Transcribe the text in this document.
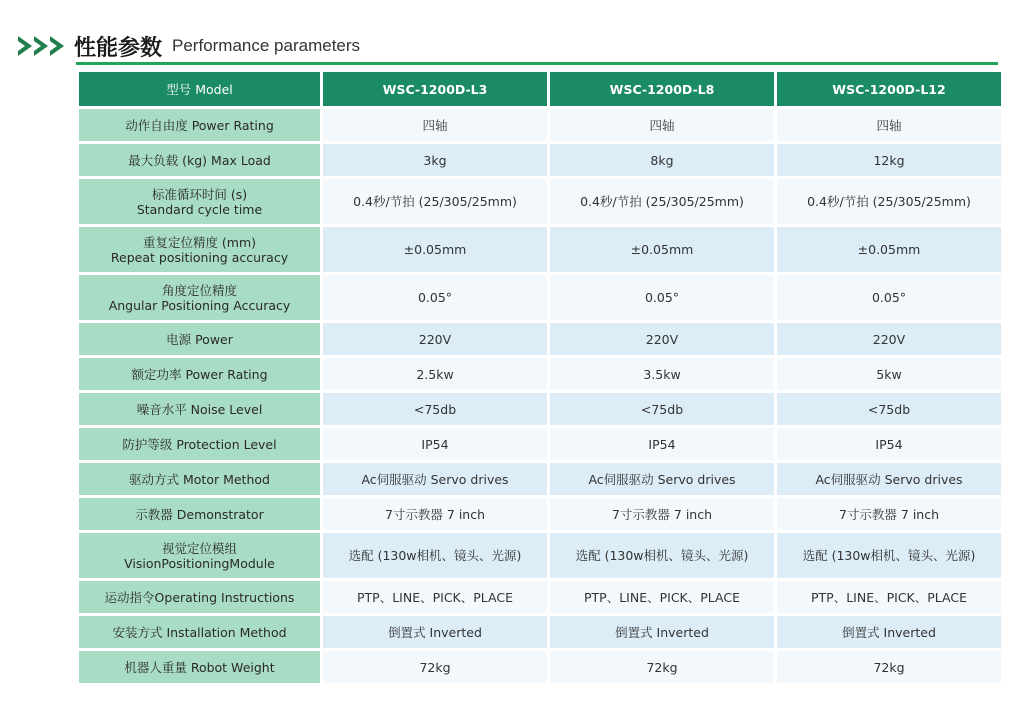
性能参数 Performance parameters
型号 Model	WSC-1200D-L3	WSC-1200D-L8	WSC-1200D-L12

动作自由度 Power Rating	四轴	四轴	四轴

最大负载 (kg) Max Load	3kg	8kg	12kg

标准循环时间 (s)
Standard cycle time	0.4秒/节拍 (25/305/25mm)	0.4秒/节拍 (25/305/25mm)	0.4秒/节拍 (25/305/25mm)

重复定位精度 (mm)
Repeat positioning accuracy	±0.05mm	±0.05mm	±0.05mm

角度定位精度
Angular Positioning Accuracy	0.05°	0.05°	0.05°

电源 Power	220V	220V	220V

额定功率 Power Rating	2.5kw	3.5kw	5kw

噪音水平 Noise Level	<75db	<75db	<75db

防护等级 Protection Level	IP54	IP54	IP54

驱动方式 Motor Method	Ac伺服驱动 Servo drives	Ac伺服驱动 Servo drives	Ac伺服驱动 Servo drives

示教器 Demonstrator	7寸示教器 7 inch	7寸示教器 7 inch	7寸示教器 7 inch

视觉定位模组
VisionPositioningModule	选配 (130w相机、镜头、光源)	选配 (130w相机、镜头、光源)	选配 (130w相机、镜头、光源)

运动指令Operating Instructions	PTP、LINE、PICK、PLACE	PTP、LINE、PICK、PLACE	PTP、LINE、PICK、PLACE

安装方式 Installation Method	倒置式 Inverted	倒置式 Inverted	倒置式 Inverted

机器人重量 Robot Weight	72kg	72kg	72kg
